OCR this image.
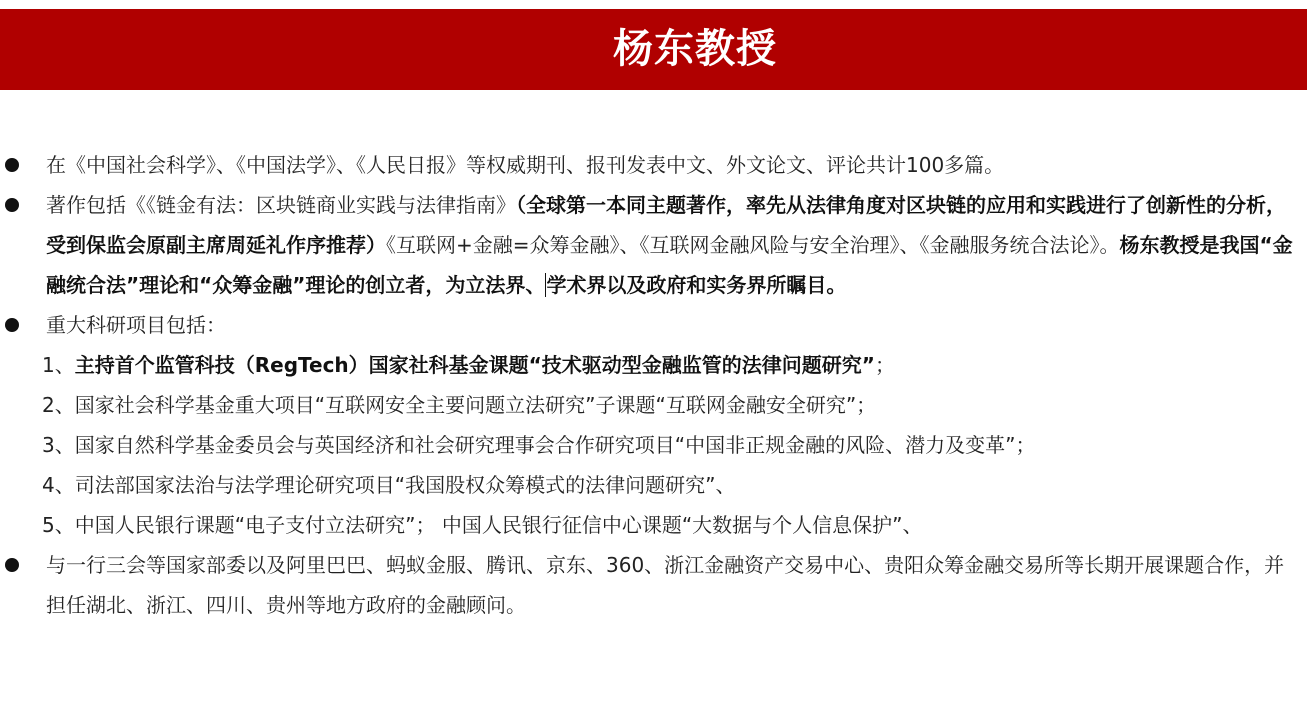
杨东教授
在《中国社会科学》、《中国法学》、《人民日报》等权威期刊、报刊发表中文、外文论文、评论共计100多篇。
著作包括《《链金有法：区块链商业实践与法律指南》（全球第一本同主题著作，率先从法律角度对区块链的应用和实践进行了创新性的分析，受到保监会原副主席周延礼作序推荐）《互联网+金融=众筹金融》、《互联网金融风险与安全治理》、《金融服务统合法论》。杨东教授是我国“金融统合法”理论和“众筹金融”理论的创立者，为立法界、学术界以及政府和实务界所瞩目。
重大科研项目包括：
1、主持首个监管科技（RegTech）国家社科基金课题“技术驱动型金融监管的法律问题研究”；
2、国家社会科学基金重大项目“互联网安全主要问题立法研究”子课题“互联网金融安全研究”；
3、国家自然科学基金委员会与英国经济和社会研究理事会合作研究项目“中国非正规金融的风险、潜力及变革”；
4、司法部国家法治与法学理论研究项目“我国股权众筹模式的法律问题研究”、
5、中国人民银行课题“电子支付立法研究”； 中国人民银行征信中心课题“大数据与个人信息保护”、
与一行三会等国家部委以及阿里巴巴、蚂蚁金服、腾讯、京东、360、浙江金融资产交易中心、贵阳众筹金融交易所等长期开展课题合作，并担任湖北、浙江、四川、贵州等地方政府的金融顾问。
